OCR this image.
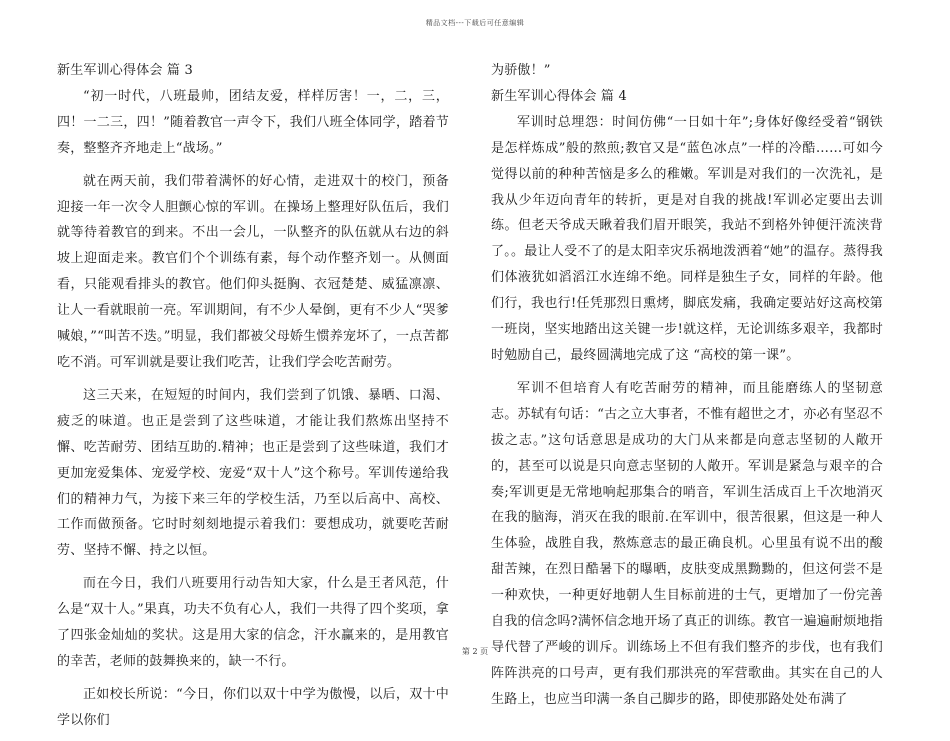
精品文档---下载后可任意编辑

新生军训心得体会 篇 3

“初一时代，八班最帅，团结友爱，样样厉害！一，二，三，四！一二三，四！”随着教官一声令下，我们八班全体同学，踏着节奏，整整齐齐地走上“战场。”

就在两天前，我们带着满怀的好心情，走进双十的校门，预备迎接一年一次令人胆颤心惊的军训。在操场上整理好队伍后，我们就等待着教官的到来。不出一会儿，一队整齐的队伍就从右边的斜坡上迎面走来。教官们个个训练有素，每个动作整齐划一。从侧面看，只能观看排头的教官。他们仰头挺胸、衣冠楚楚、威猛凛凛、让人一看就眼前一亮。军训期间，有不少人晕倒，更有不少人“哭爹喊娘，”“叫苦不迭。”明显，我们都被父母娇生惯养宠坏了，一点苦都吃不消。可军训就是要让我们吃苦，让我们学会吃苦耐劳。

这三天来，在短短的时间内，我们尝到了饥饿、暴晒、口渴、疲乏的味道。也正是尝到了这些味道，才能让我们熬炼出坚持不懈、吃苦耐劳、团结互助的.精神；也正是尝到了这些味道，我们才更加宠爱集体、宠爱学校、宠爱“双十人”这个称号。军训传递给我们的精神力气，为接下来三年的学校生活，乃至以后高中、高校、工作而做预备。它时时刻刻地提示着我们：要想成功，就要吃苦耐劳、坚持不懈、持之以恒。

而在今日，我们八班要用行动告知大家，什么是王者风范，什么是“双十人。”果真，功夫不负有心人，我们一共得了四个奖项，拿了四张金灿灿的奖状。这是用大家的信念，汗水赢来的，是用教官的幸苦，老师的鼓舞换来的，缺一不行。

正如校长所说：“今日，你们以双十中学为傲慢，以后，双十中学以你们

为骄傲！”

新生军训心得体会 篇 4

军训时总埋怨：时间仿佛“一日如十年”;身体好像经受着“钢铁是怎样炼成”般的熬煎;教官又是“蓝色冰点”一样的冷酷……可如今觉得以前的种种苦恼是多么的稚嫩。军训是对我们的一次洗礼，是我从少年迈向青年的转折，更是对自我的挑战!军训必定要出去训练。但老天爷成天瞅着我们眉开眼笑，我站不到格外钟便汗流浃背了。。最让人受不了的是太阳幸灾乐祸地泼洒着“她”的温存。蒸得我们体液犹如滔滔江水连绵不绝。同样是独生子女，同样的年龄。他们行，我也行!任凭那烈日熏烤，脚底发痛，我确定要站好这高校第一班岗，坚实地踏出这关键一步!就这样，无论训练多艰辛，我都时时勉励自己，最终圆满地完成了这 “高校的第一课”。

军训不但培育人有吃苦耐劳的精神，而且能磨练人的坚韧意志。苏轼有句话：“古之立大事者，不惟有超世之才，亦必有坚忍不拔之志。”这句话意思是成功的大门从来都是向意志坚韧的人敞开的，甚至可以说是只向意志坚韧的人敞开。军训是紧急与艰辛的合奏;军训更是无常地响起那集合的哨音，军训生活成百上千次地消灭在我的脑海，消灭在我的眼前.在军训中，很苦很累，但这是一种人生体验，战胜自我，熬炼意志的最正确良机。心里虽有说不出的酸甜苦辣，在烈日酷暑下的曝晒，皮肤变成黑黝黝的，但这何尝不是一种欢快，一种更好地朝人生目标前进的士气，更增加了一份完善自我的信念吗?满怀信念地开场了真正的训练。教官一遍遍耐烦地指导代替了严峻的训斥。训练场上不但有我们整齐的步伐，也有我们阵阵洪亮的口号声，更有我们那洪亮的军营歌曲。其实在自己的人生路上，也应当印满一条自己脚步的路，即使那路处处布满了

第 2 页
